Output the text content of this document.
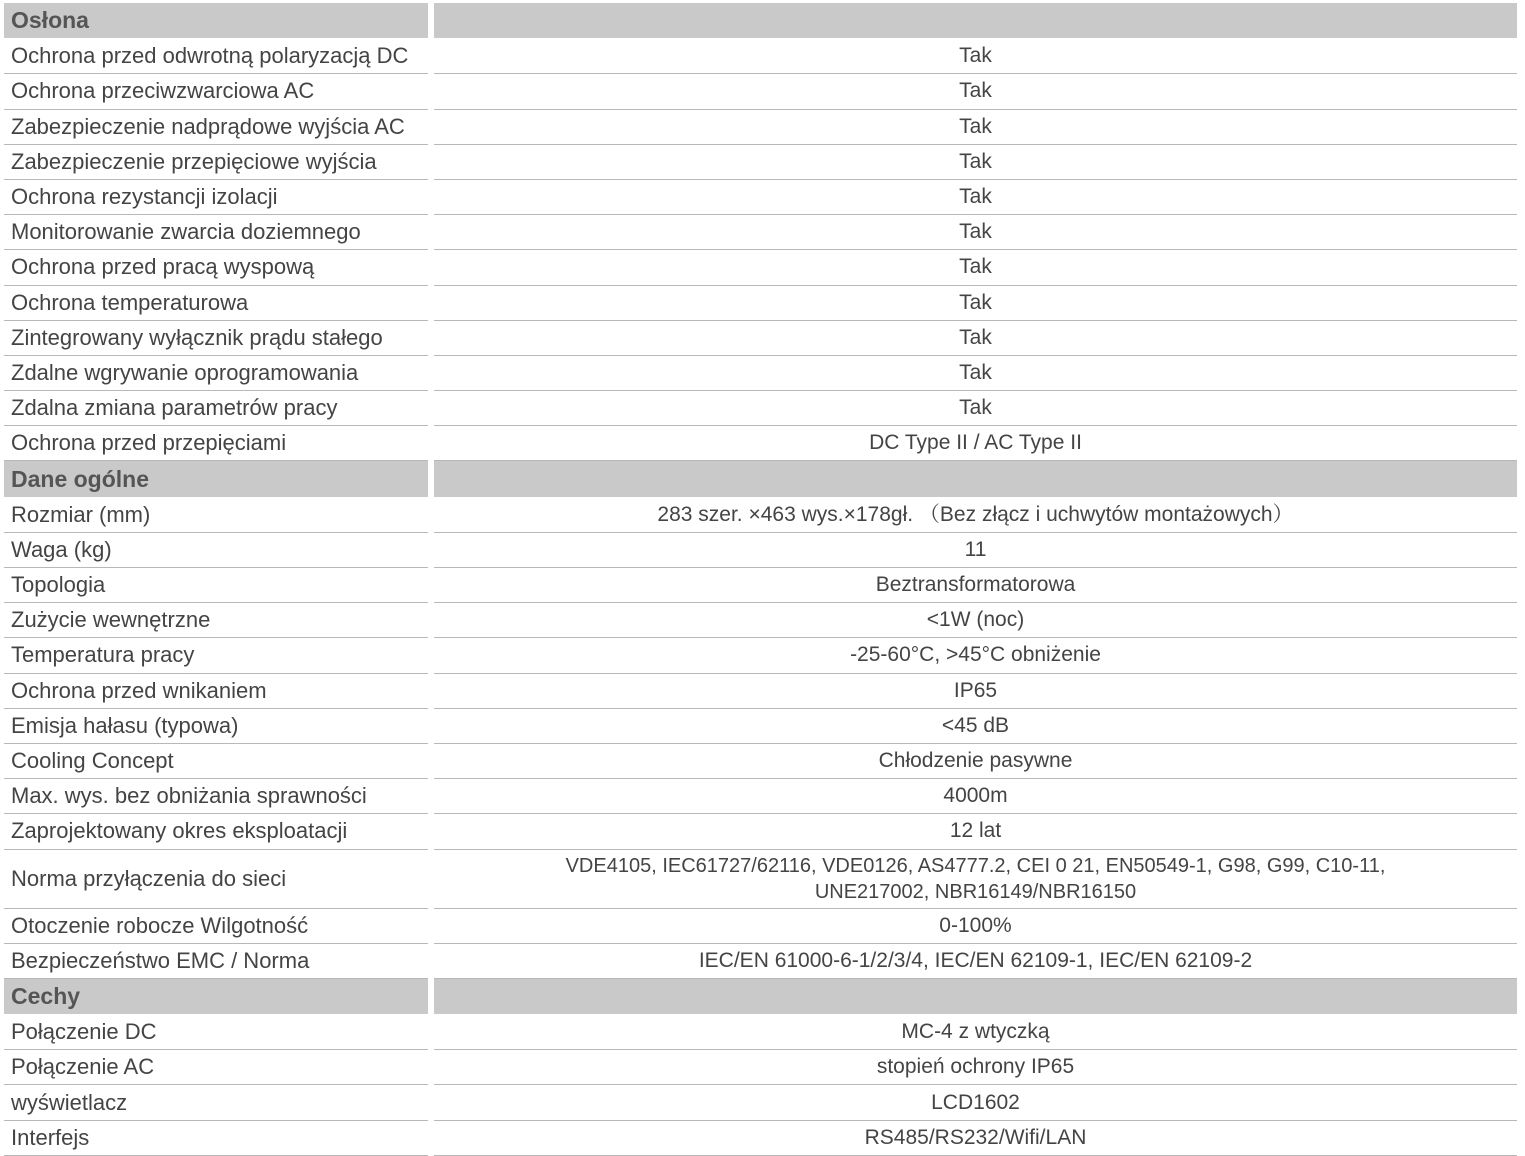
Osłona
Ochrona przed odwrotną polaryzacją DC	Tak
Ochrona przeciwzwarciowa AC	Tak
Zabezpieczenie nadprądowe wyjścia AC	Tak
Zabezpieczenie przepięciowe wyjścia	Tak
Ochrona rezystancji izolacji	Tak
Monitorowanie zwarcia doziemnego	Tak
Ochrona przed pracą wyspową	Tak
Ochrona temperaturowa	Tak
Zintegrowany wyłącznik prądu stałego	Tak
Zdalne wgrywanie oprogramowania	Tak
Zdalna zmiana parametrów pracy	Tak
Ochrona przed przepięciami	DC Type II / AC Type II
Dane ogólne
Rozmiar (mm)	283 szer. ×463 wys.×178gł. （Bez złącz i uchwytów montażowych）
Waga (kg)	11
Topologia	Beztransformatorowa
Zużycie wewnętrzne	<1W (noc)
Temperatura pracy	-25-60°C, >45°C obniżenie
Ochrona przed wnikaniem	IP65
Emisja hałasu (typowa)	<45 dB
Cooling Concept	Chłodzenie pasywne
Max. wys. bez obniżania sprawności	4000m
Zaprojektowany okres eksploatacji	12 lat
Norma przyłączenia do sieci	VDE4105, IEC61727/62116, VDE0126, AS4777.2, CEI 0 21, EN50549-1, G98, G99, C10-11,
UNE217002, NBR16149/NBR16150
Otoczenie robocze Wilgotność	0-100%
Bezpieczeństwo EMC / Norma	IEC/EN 61000-6-1/2/3/4, IEC/EN 62109-1, IEC/EN 62109-2
Cechy
Połączenie DC	MC-4 z wtyczką
Połączenie AC	stopień ochrony IP65
wyświetlacz	LCD1602
Interfejs	RS485/RS232/Wifi/LAN
